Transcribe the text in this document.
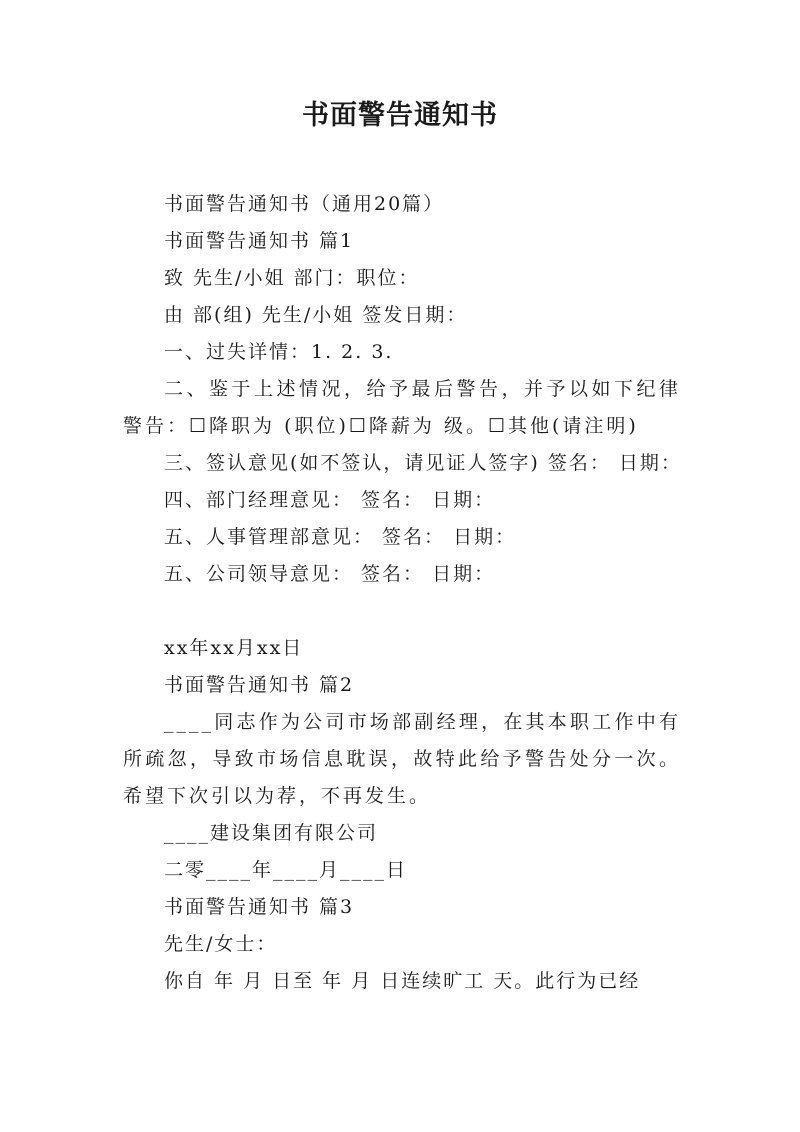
书面警告通知书

书面警告通知书（通用20篇）

书面警告通知书 篇1

致 先生/小姐 部门：职位：

由 部(组) 先生/小姐 签发日期：

一、过失详情：1. 2. 3.

二、鉴于上述情况，给予最后警告，并予以如下纪律警告：☐降职为 (职位)☐降薪为 级。☐其他(请注明)

三、签认意见(如不签认，请见证人签字) 签名： 日期：

四、部门经理意见： 签名： 日期：

五、人事管理部意见： 签名： 日期：

五、公司领导意见： 签名： 日期：

xx年xx月xx日

书面警告通知书 篇2

____同志作为公司市场部副经理，在其本职工作中有所疏忽，导致市场信息耽误，故特此给予警告处分一次。希望下次引以为荐，不再发生。

____建设集团有限公司

二零____年____月____日

书面警告通知书 篇3

先生/女士：

你自 年 月 日至 年 月 日连续旷工 天。此行为已经
